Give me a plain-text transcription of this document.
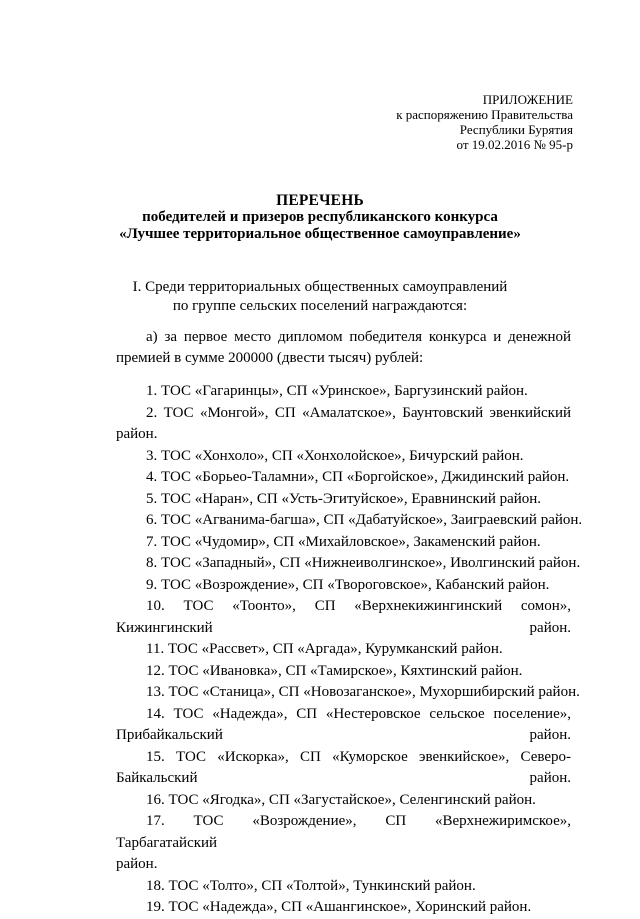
ПРИЛОЖЕНИЕ
к распоряжению Правительства
Республики Бурятия
от 19.02.2016 № 95-р
ПЕРЕЧЕНЬ
победителей и призеров республиканского конкурса
«Лучшее территориальное общественное самоуправление»
I. Среди территориальных общественных самоуправлений
по группе сельских поселений награждаются:
а) за первое место дипломом победителя конкурса и денежной премией в сумме 200000 (двести тысяч) рублей:
1. ТОС «Гагаринцы», СП «Уринское», Баргузинский район.
2. ТОС «Монгой», СП «Амалатское», Баунтовский эвенкийский
район.
3. ТОС «Хонхоло», СП «Хонхолойское», Бичурский район.
4. ТОС «Борьео-Таламни», СП «Боргойское», Джидинский район.
5. ТОС «Наран», СП «Усть-Эгитуйское», Еравнинский район.
6. ТОС «Агванима-багша», СП «Дабатуйское», Заиграевский район.
7. ТОС «Чудомир», СП «Михайловское», Закаменский район.
8. ТОС «Западный», СП «Нижнеиволгинское», Иволгинский район.
9. ТОС «Возрождение», СП «Твороговское», Кабанский район.
10. ТОС «Тоонто», СП «Верхнекижингинский сомон»,
Кижингинский район.
11. ТОС «Рассвет», СП «Аргада», Курумканский район.
12. ТОС «Ивановка», СП «Тамирское», Кяхтинский район.
13. ТОС «Станица», СП «Новозаганское», Мухоршибирский район.
14. ТОС «Надежда», СП «Нестеровское сельское поселение»,
Прибайкальский район.
15. ТОС «Искорка», СП «Куморское эвенкийское», Северо-
Байкальский район.
16. ТОС «Ягодка», СП «Загустайское», Селенгинский район.
17. ТОС «Возрождение», СП «Верхнежиримское», Тарбагатайский
район.
18. ТОС «Толто», СП «Толтой», Тункинский район.
19. ТОС «Надежда», СП «Ашангинское», Хоринский район.
